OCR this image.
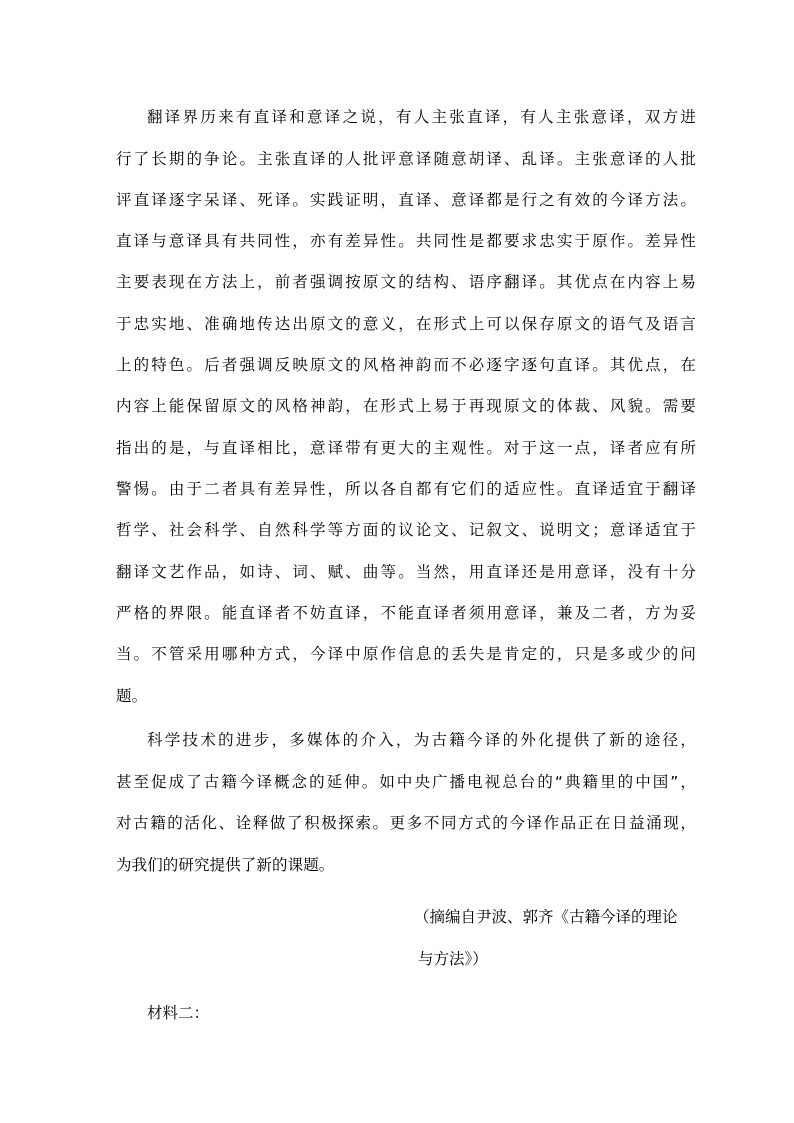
翻译界历来有直译和意译之说，有人主张直译，有人主张意译，双方进
行了长期的争论。主张直译的人批评意译随意胡译、乱译。主张意译的人批
评直译逐字呆译、死译。实践证明，直译、意译都是行之有效的今译方法。
直译与意译具有共同性，亦有差异性。共同性是都要求忠实于原作。差异性
主要表现在方法上，前者强调按原文的结构、语序翻译。其优点在内容上易
于忠实地、准确地传达出原文的意义，在形式上可以保存原文的语气及语言
上的特色。后者强调反映原文的风格神韵而不必逐字逐句直译。其优点，在
内容上能保留原文的风格神韵，在形式上易于再现原文的体裁、风貌。需要
指出的是，与直译相比，意译带有更大的主观性。对于这一点，译者应有所
警惕。由于二者具有差异性，所以各自都有它们的适应性。直译适宜于翻译
哲学、社会科学、自然科学等方面的议论文、记叙文、说明文；意译适宜于
翻译文艺作品，如诗、词、赋、曲等。当然，用直译还是用意译，没有十分
严格的界限。能直译者不妨直译，不能直译者须用意译，兼及二者，方为妥
当。不管采用哪种方式，今译中原作信息的丢失是肯定的，只是多或少的问
题。
科学技术的进步，多媒体的介入，为古籍今译的外化提供了新的途径，
甚至促成了古籍今译概念的延伸。如中央广播电视总台的“典籍里的中国”，
对古籍的活化、诠释做了积极探索。更多不同方式的今译作品正在日益涌现，
为我们的研究提供了新的课题。
（摘编自尹波、郭齐《古籍今译的理论
与方法》）
材料二：
